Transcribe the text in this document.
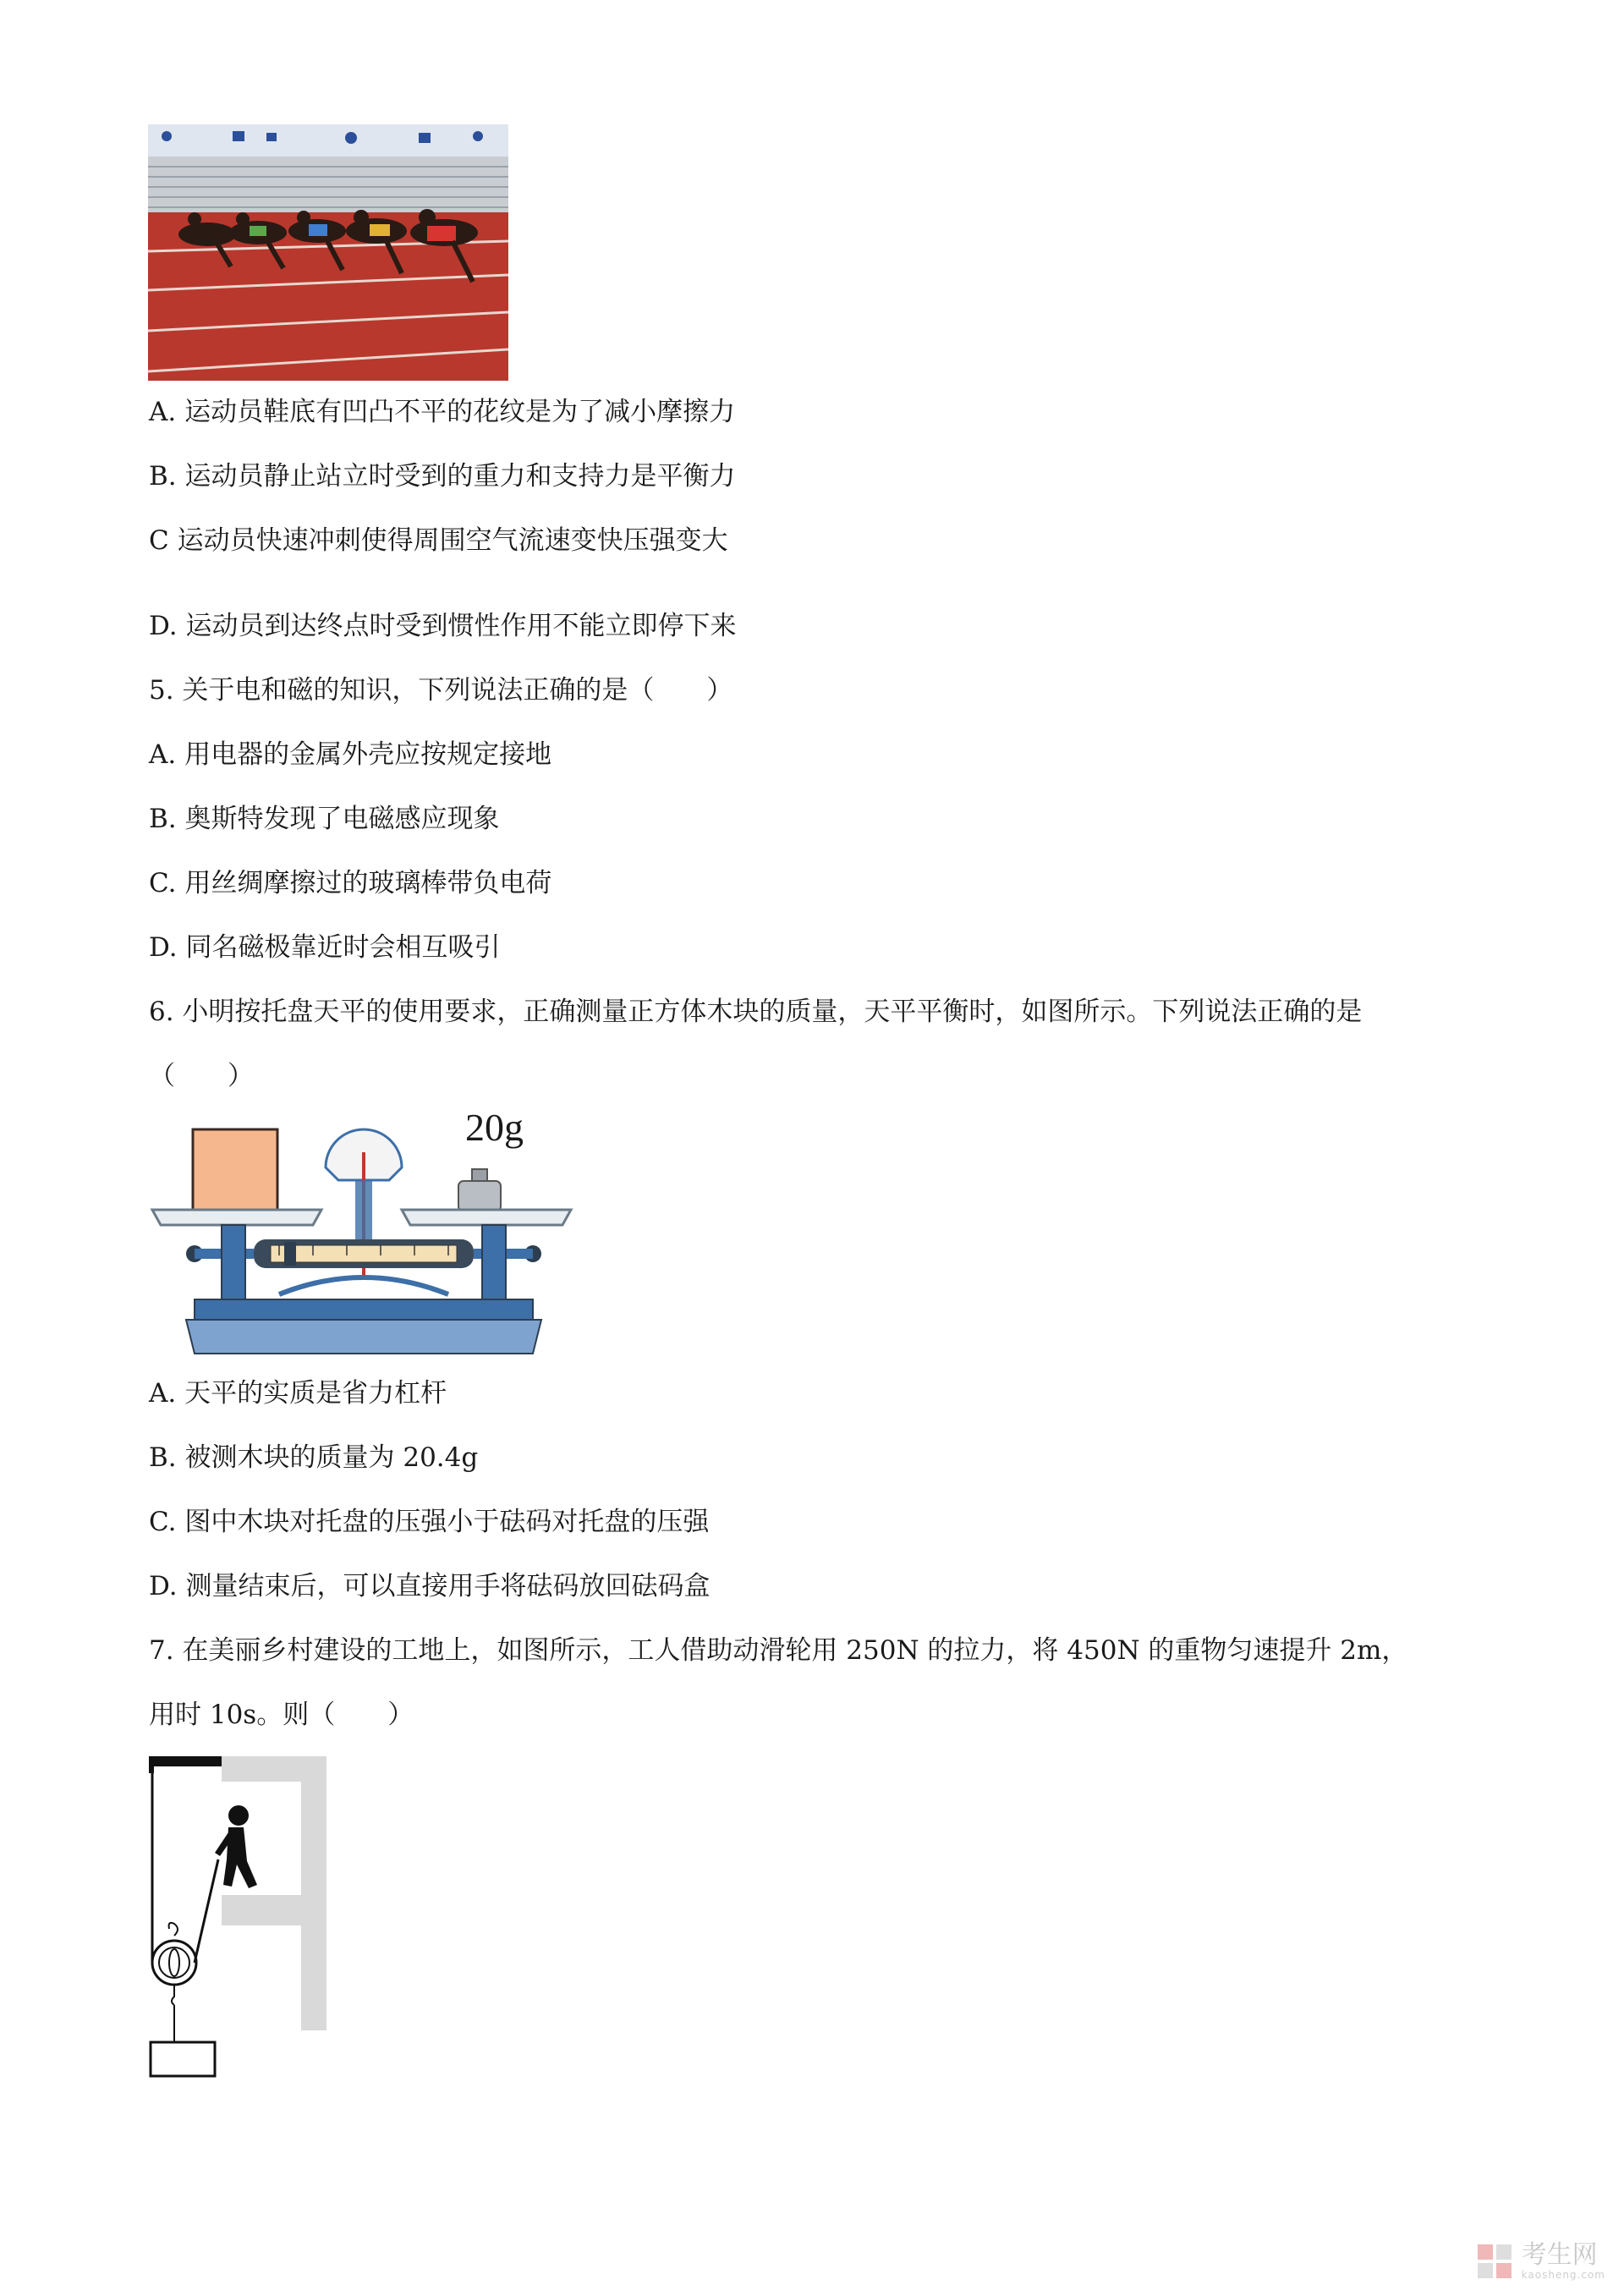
A. 运动员鞋底有凹凸不平的花纹是为了减小摩擦力
B. 运动员静止站立时受到的重力和支持力是平衡力
C 运动员快速冲刺使得周围空气流速变快压强变大
D. 运动员到达终点时受到惯性作用不能立即停下来
5. 关于电和磁的知识，下列说法正确的是（　　）
A. 用电器的金属外壳应按规定接地
B. 奥斯特发现了电磁感应现象
C. 用丝绸摩擦过的玻璃棒带负电荷
D. 同名磁极靠近时会相互吸引
6. 小明按托盘天平的使用要求，正确测量正方体木块的质量，天平平衡时，如图所示。下列说法正确的是
（　　）
20g
A. 天平的实质是省力杠杆
B. 被测木块的质量为 20.4g
C. 图中木块对托盘的压强小于砝码对托盘的压强
D. 测量结束后，可以直接用手将砝码放回砝码盒
7. 在美丽乡村建设的工地上，如图所示，工人借助动滑轮用 250N 的拉力，将 450N 的重物匀速提升 2m，
用时 10s。则（　　）
考生网
kaosheng.com
